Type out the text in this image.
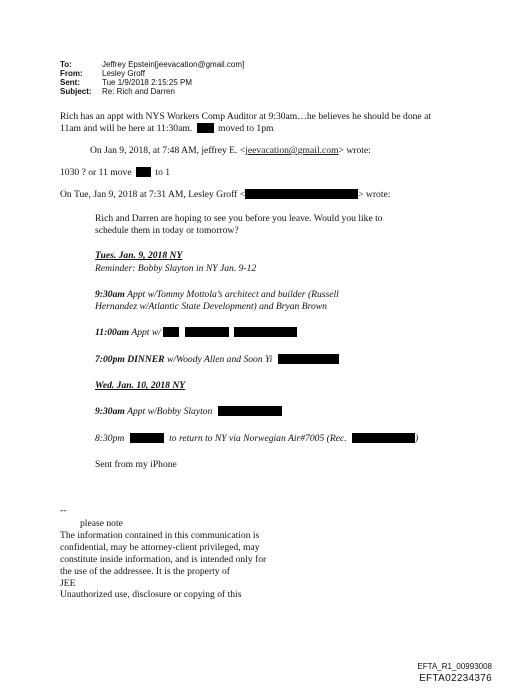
To:	Jeffrey Epstein[jeevacation@gmail.com]
From: Lesley Groff
Sent:	Tue 1/9/2018 2:15:25 PM
Subject: Re: Rich and Darren
Rich has an appt with NYS Workers Comp Auditor at 9:30am…he believes he should be done at
11am and will be here at 11:30am.	moved to 1pm
On Jan 9, 2018, at 7:48 AM, jeffrey E. <jeevacation@gmail.com> wrote:
1030 ? or 11 move to 1
On Tue, Jan 9, 2018 at 7:31 AM, Lesley Groff <	> wrote:
Rich and Darren are hoping to see you before you leave. Would you like to
schedule them in today or tomorrow?
Tues. Jan. 9, 2018 NY
Reminder: Bobby Slayton in NY Jan. 9-12
9:30am Appt w/Tommy Mottola’s architect and builder (Russell
Hernandez w/Atlantic State Development) and Bryan Brown
11:00am Appt w/
7:00pm DINNER w/Woody Allen and Soon Yi
Wed. Jan. 10, 2018 NY
9:30am Appt w/Bobby Slayton
8:30pm	to return to NY via Norwegian Air#7005 (Rec.	)
Sent from my iPhone
--
please note
The information contained in this communication is
confidential, may be attorney-client privileged, may
constitute inside information, and is intended only for
the use of the addressee. It is the property of
JEE
Unauthorized use, disclosure or copying of this
EFTA_R1_00993008
EFTA02234376
